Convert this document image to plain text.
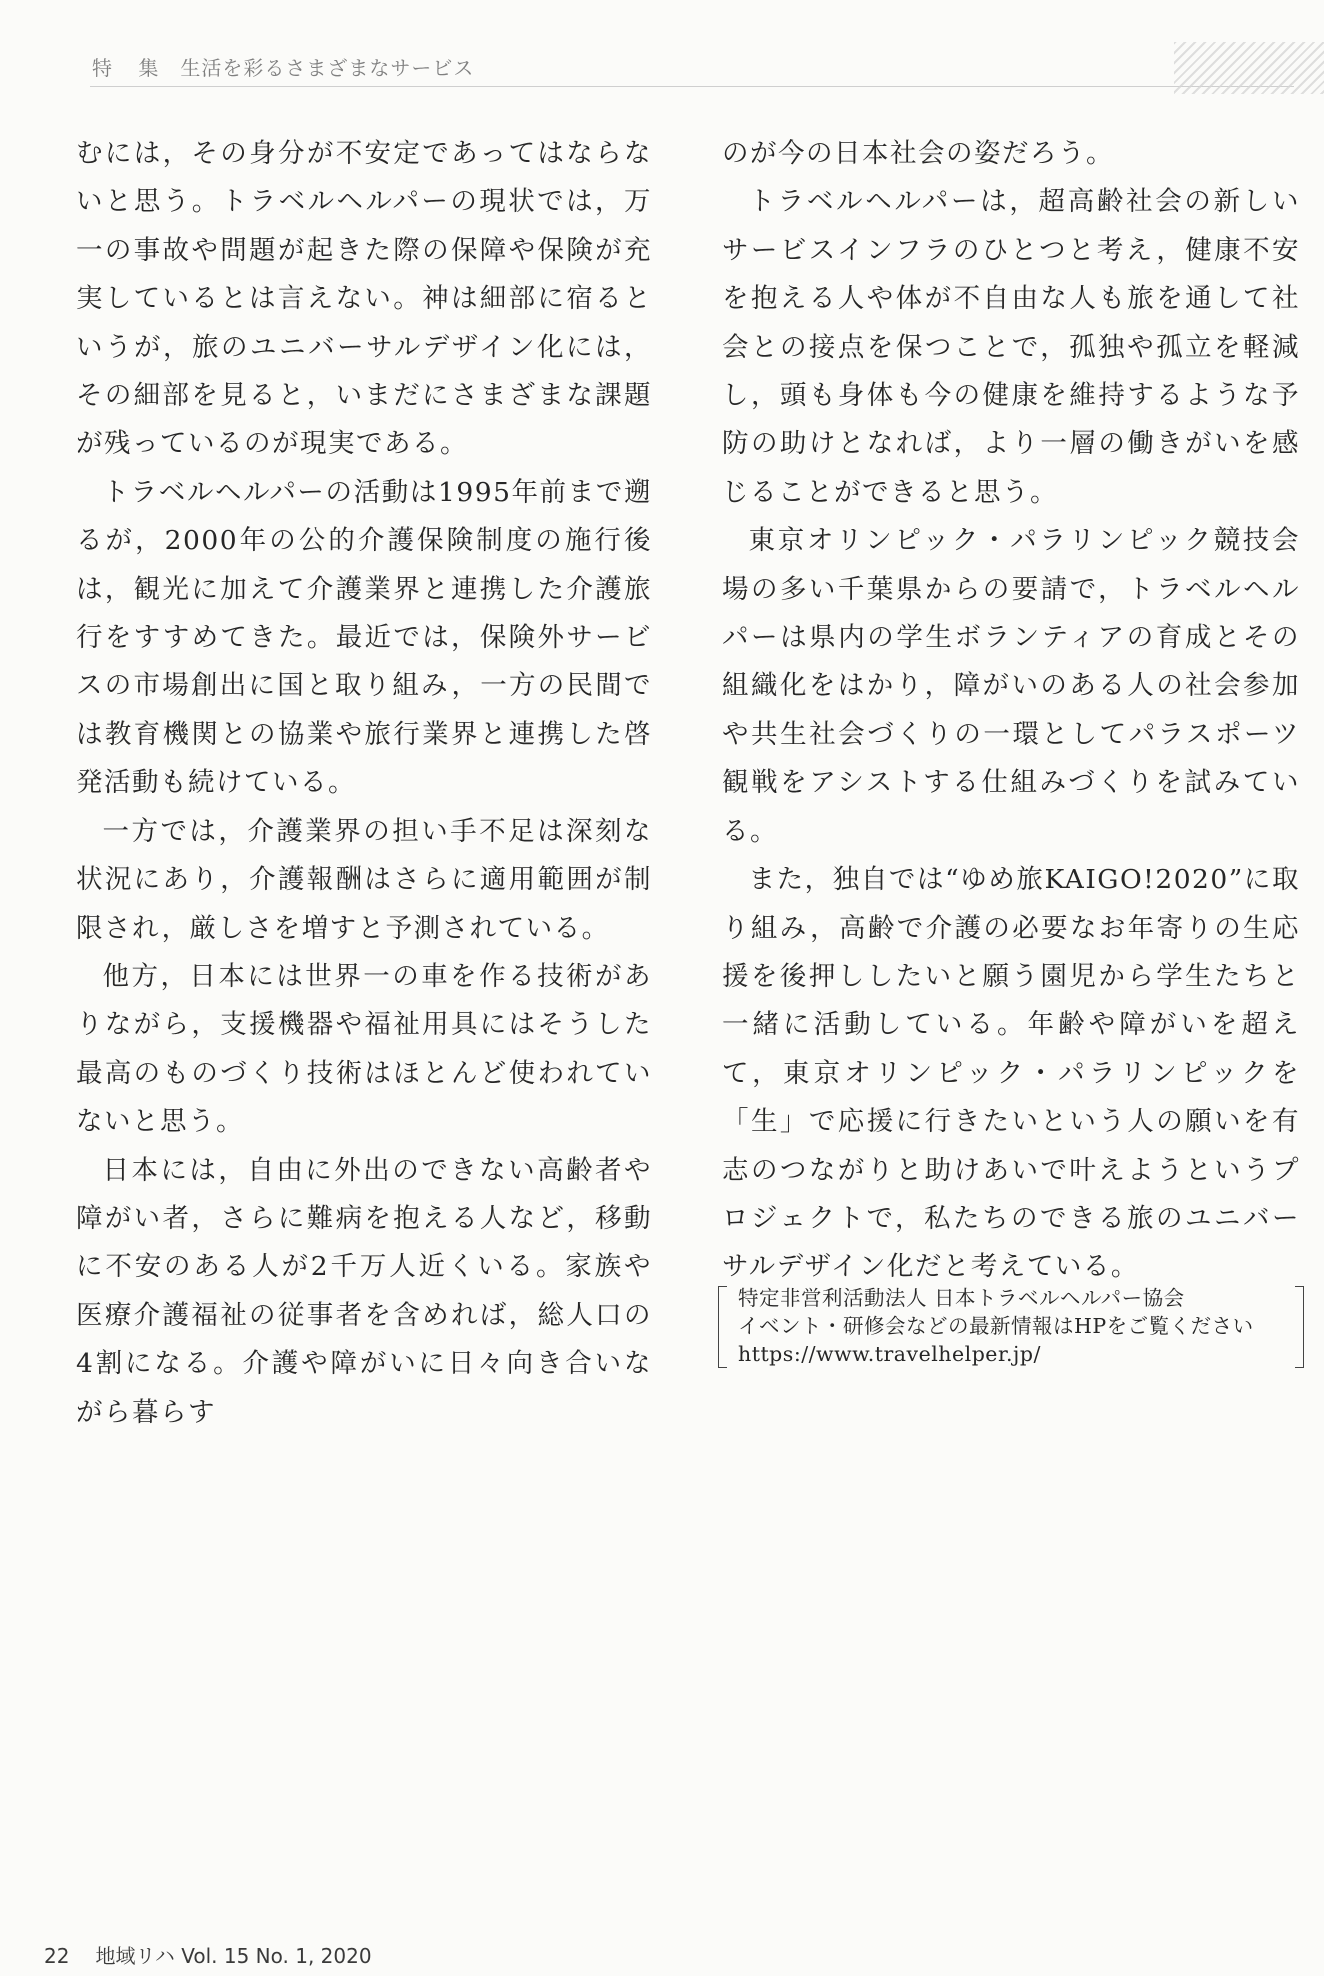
特 集 生活を彩るさまざまなサービス

むには，その身分が不安定であってはならないと思う。トラベルヘルパーの現状では，万一の事故や問題が起きた際の保障や保険が充実しているとは言えない。神は細部に宿るというが，旅のユニバーサルデザイン化には，その細部を見ると，いまだにさまざまな課題が残っているのが現実である。

トラベルヘルパーの活動は1995年前まで遡るが，2000年の公的介護保険制度の施行後は，観光に加えて介護業界と連携した介護旅行をすすめてきた。最近では，保険外サービスの市場創出に国と取り組み，一方の民間では教育機関との協業や旅行業界と連携した啓発活動も続けている。

一方では，介護業界の担い手不足は深刻な状況にあり，介護報酬はさらに適用範囲が制限され，厳しさを増すと予測されている。

他方，日本には世界一の車を作る技術がありながら，支援機器や福祉用具にはそうした最高のものづくり技術はほとんど使われていないと思う。

日本には，自由に外出のできない高齢者や障がい者，さらに難病を抱える人など，移動に不安のある人が2千万人近くいる。家族や医療介護福祉の従事者を含めれば，総人口の4割になる。介護や障がいに日々向き合いながら暮らす

のが今の日本社会の姿だろう。

トラベルヘルパーは，超高齢社会の新しいサービスインフラのひとつと考え，健康不安を抱える人や体が不自由な人も旅を通して社会との接点を保つことで，孤独や孤立を軽減し，頭も身体も今の健康を維持するような予防の助けとなれば，より一層の働きがいを感じることができると思う。

東京オリンピック・パラリンピック競技会場の多い千葉県からの要請で，トラベルヘルパーは県内の学生ボランティアの育成とその組織化をはかり，障がいのある人の社会参加や共生社会づくりの一環としてパラスポーツ観戦をアシストする仕組みづくりを試みている。

また，独自では“ゆめ旅KAIGO!2020”に取り組み，高齢で介護の必要なお年寄りの生応援を後押ししたいと願う園児から学生たちと一緒に活動している。年齢や障がいを超えて，東京オリンピック・パラリンピックを「生」で応援に行きたいという人の願いを有志のつながりと助けあいで叶えようというプロジェクトで，私たちのできる旅のユニバーサルデザイン化だと考えている。

特定非営利活動法人 日本トラベルヘルパー協会
イベント・研修会などの最新情報はHPをご覧ください
https://www.travelhelper.jp/
22 地域リハ Vol. 15 No. 1, 2020
